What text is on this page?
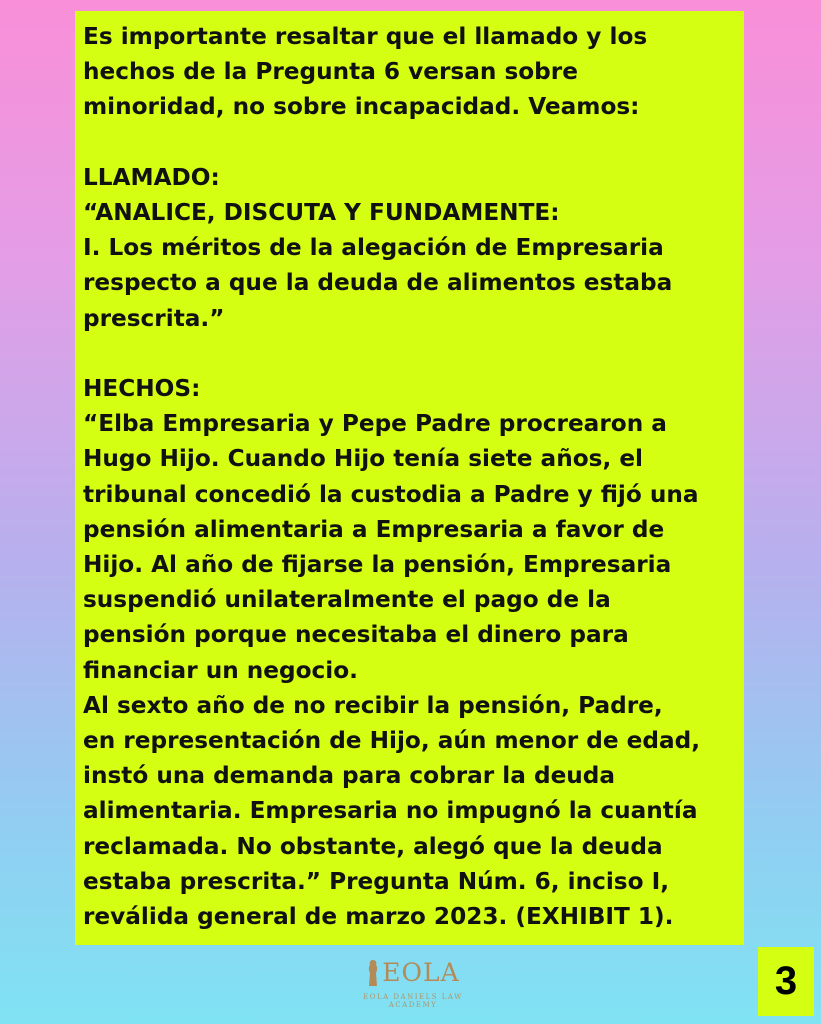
Es importante resaltar que el llamado y los
hechos de la Pregunta 6 versan sobre
minoridad, no sobre incapacidad. Veamos:

LLAMADO:

“ANALICE, DISCUTA Y FUNDAMENTE:
I. Los méritos de la alegación de Empresaria
respecto a que la deuda de alimentos estaba
prescrita.”

HECHOS:

“Elba Empresaria y Pepe Padre procrearon a
Hugo Hijo. Cuando Hijo tenía siete años, el
tribunal concedió la custodia a Padre y fijó una
pensión alimentaria a Empresaria a favor de
Hijo. Al año de fijarse la pensión, Empresaria
suspendió unilateralmente el pago de la
pensión porque necesitaba el dinero para
financiar un negocio.
Al sexto año de no recibir la pensión, Padre,
en representación de Hijo, aún menor de edad,
instó una demanda para cobrar la deuda
alimentaria. Empresaria no impugnó la cuantía
reclamada. No obstante, alegó que la deuda
estaba prescrita.” Pregunta Núm. 6, inciso I,
reválida general de marzo 2023. (EXHIBIT 1).

EOLA
EOLA DANIELS LAW ACADEMY
3
